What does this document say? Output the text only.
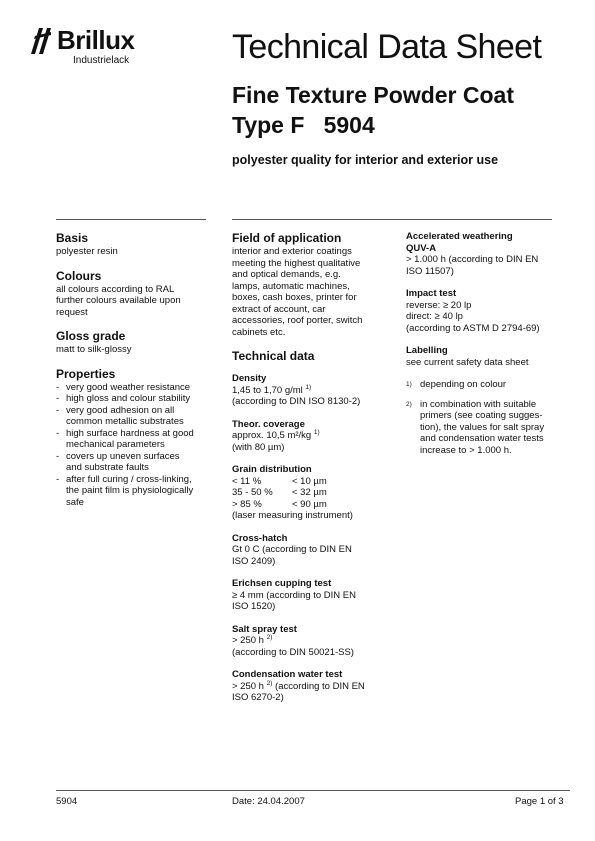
Brillux
Industrielack	Technical Data Sheet
Fine Texture Powder Coat
Type F   5904
polyester quality for interior and exterior use
Basis
polyester resin
Colours
all colours according to RAL
further colours available upon
request
Gloss grade
matt to silk-glossy
Properties
- very good weather resistance
- high gloss and colour stability
- very good adhesion on all
common metallic substrates
- high surface hardness at good
mechanical parameters
- covers up uneven surfaces
and substrate faults
- after full curing / cross-linking,
the paint film is physiologically
safe
Field of application
interior and exterior coatings
meeting the highest qualitative
and optical demands, e.g.
lamps, automatic machines,
boxes, cash boxes, printer for
extract of account, car
accessories, roof porter, switch
cabinets etc.
Technical data
Density
1,45 to 1,70 g/ml $^{1)}$
(according to DIN ISO 8130-2)
Theor. coverage
approx. 10,5 m²/kg $^{1)}$
(with 80 µm)
Grain distribution
< 11 %	< 10 µm
35 - 50 %	< 32 µm
> 85 %	< 90 µm
(laser measuring instrument)
Cross-hatch
Gt 0 C (according to DIN EN
ISO 2409)
Erichsen cupping test
≥ 4 mm (according to DIN EN
ISO 1520)
Salt spray test
> 250 h $^{2)}$
(according to DIN 50021-SS)
Condensation water test
> 250 h $^{2)}$ (according to DIN EN
ISO 6270-2)
Accelerated weathering
QUV-A
> 1.000 h (according to DIN EN
ISO 11507)
Impact test
reverse: ≥ 20 lp
direct: ≥ 40 lp
(according to ASTM D 2794-69)
Labelling
see current safety data sheet
1) depending on colour
2) in combination with suitable
primers (see coating sugges-
tion), the values for salt spray
and condensation water tests
increase to > 1.000 h.
5904	Date: 24.04.2007	Page 1 of 3
